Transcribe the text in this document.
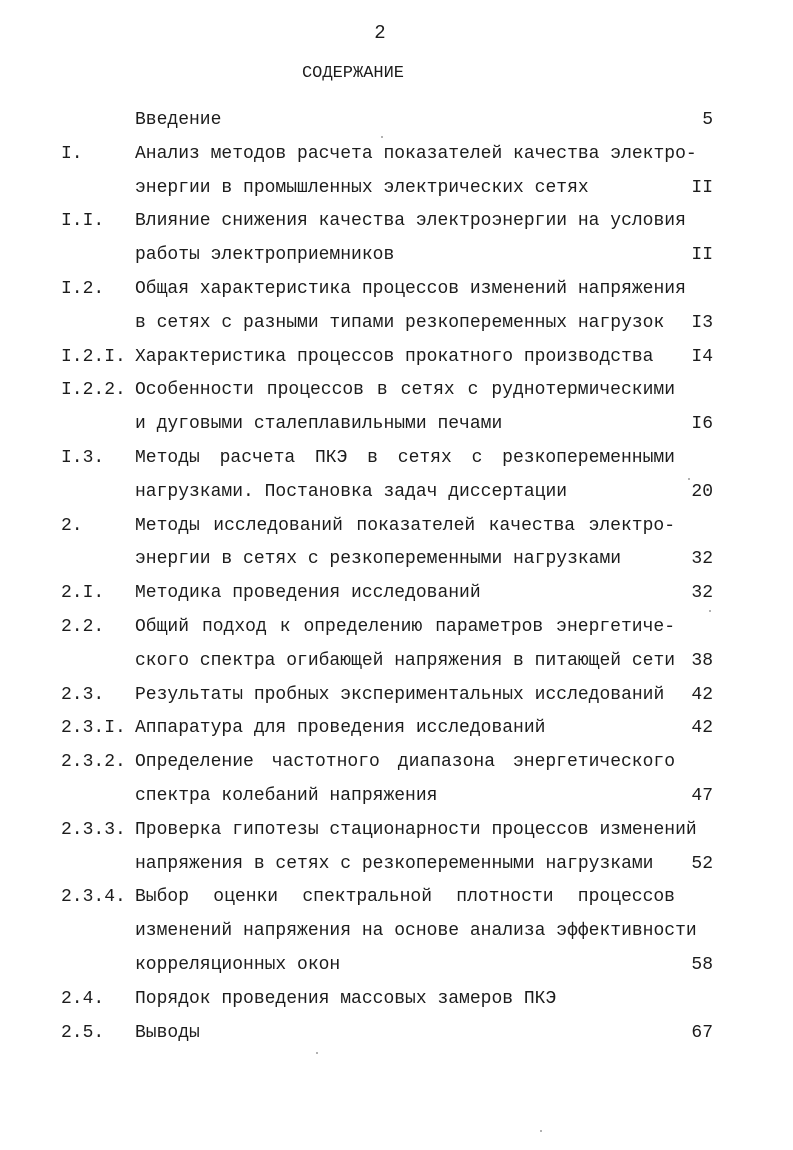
2
СОДЕРЖАНИЕ
Введение	5
I.	Анализ методов расчета показателей качества электро-
энергии в промышленных электрических сетях	II
I.I. Влияние снижения качества электроэнергии на условия
работы электроприемников	II
I.2. Общая характеристика процессов изменений напряжения
в сетях с разными типами резкопеременных нагрузок	I3
I.2.I. Характеристика процессов прокатного производства	I4
I.2.2. Особенности процессов в сетях с руднотермическими
и дуговыми сталеплавильными печами	I6
I.3. Методы расчета ПКЭ в сетях с резкопеременными
нагрузками. Постановка задач диссертации	20
2.	Методы исследований показателей качества электро-
энергии в сетях с резкопеременными нагрузками	32
2.I. Методика проведения исследований	32
2.2. Общий подход к определению параметров энергетиче-
ского спектра огибающей напряжения в питающей сети 38
2.3. Результаты пробных экспериментальных исследований	42
2.3.I. Аппаратура для проведения исследований	42
2.3.2. Определение частотного диапазона энергетического
спектра колебаний напряжения	47
2.3.3. Проверка гипотезы стационарности процессов изменений
напряжения в сетях с резкопеременными нагрузками	52
2.3.4. Выбор оценки спектральной плотности процессов
изменений напряжения на основе анализа эффективности
корреляционных окон	58
2.4. Порядок проведения массовых замеров ПКЭ
2.5. Выводы	67
